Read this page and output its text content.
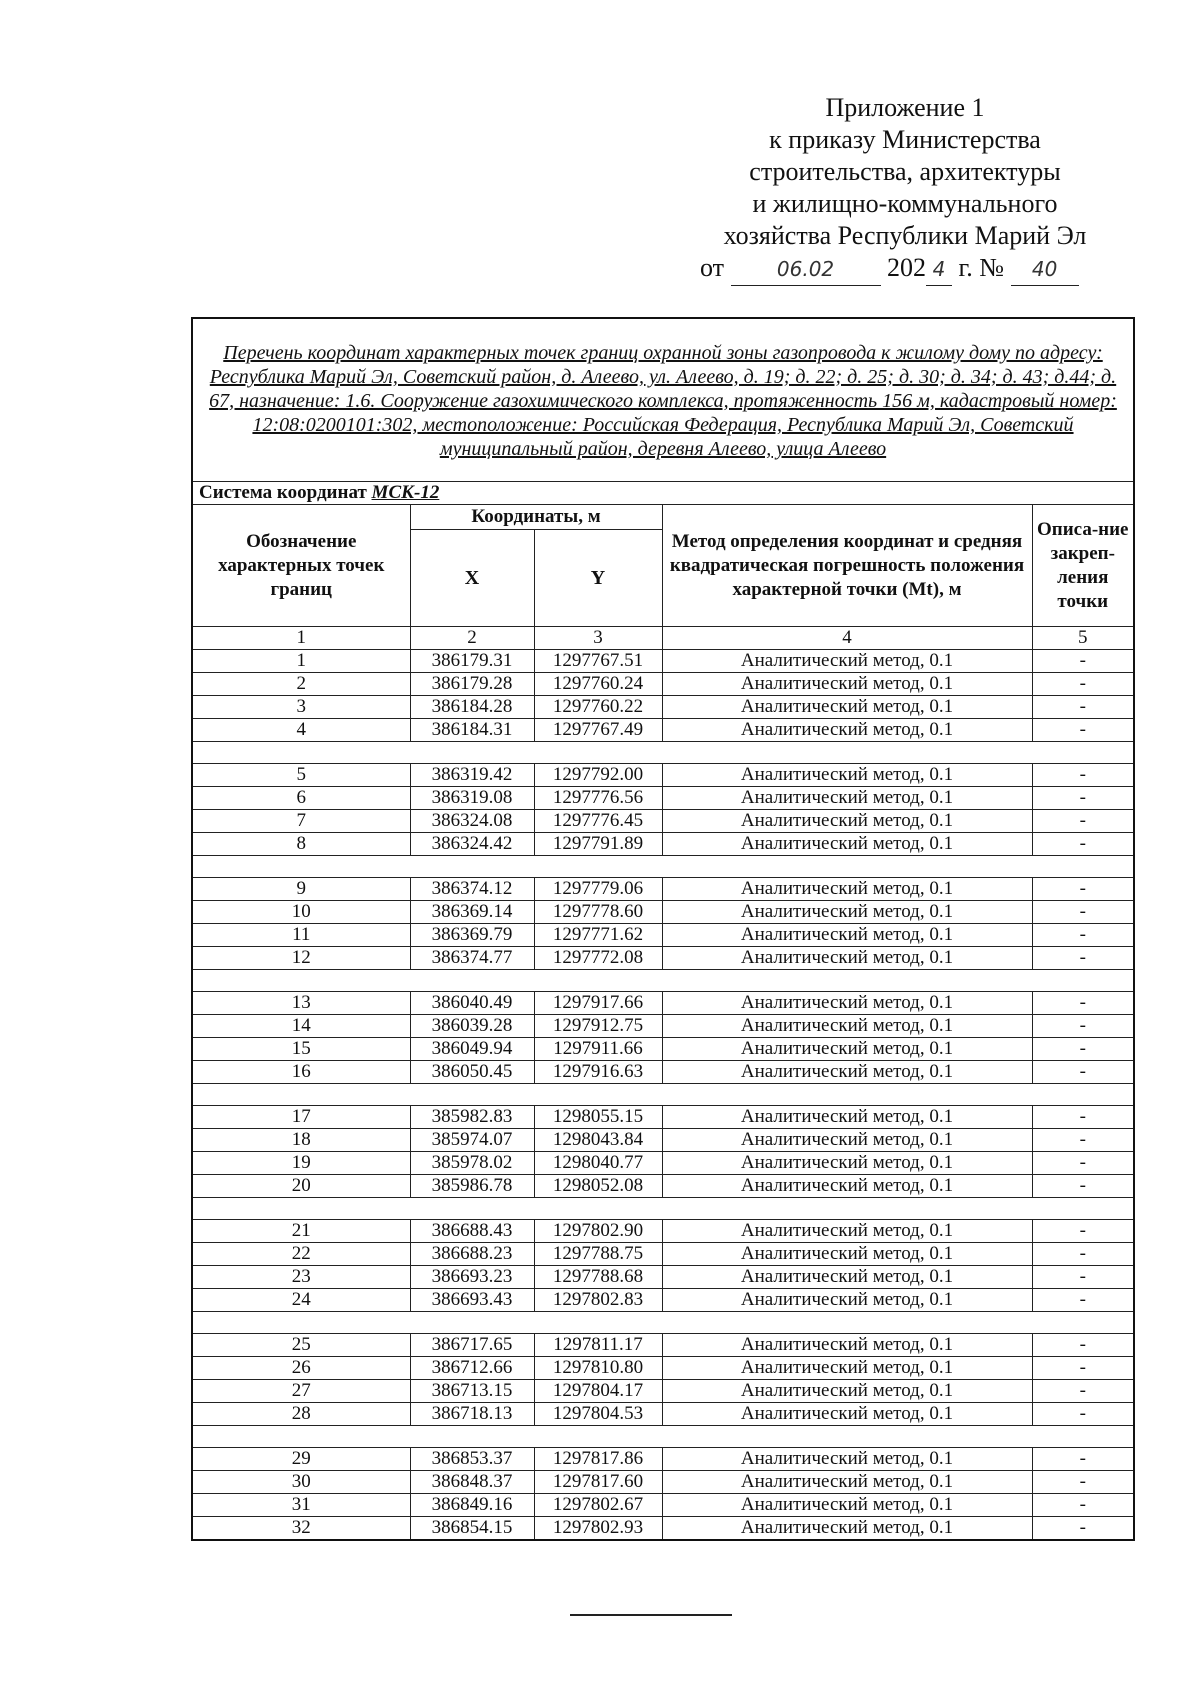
Приложение 1
к приказу Министерства
строительства, архитектуры
и жилищно-коммунального
хозяйства Республики Марий Эл
от	06.02 202 4 г. № 40
Перечень координат характерных точек границ охранной зоны газопровода к жилому дому по адресу: Республика Марий Эл, Советский район, д. Алеево, ул. Алеево, д. 19; д. 22; д. 25; д. 30; д. 34; д. 43; д.44; д. 67, назначение: 1.6. Сооружение газохимического комплекса, протяженность 156 м, кадастровый номер: 12:08:0200101:302, местоположение: Российская Федерация, Республика Марий Эл, Советский муниципальный район, деревня Алеево, улица Алеево				
Система координат МСК-12				
Обозначение характерных точек границ	Координаты, м		Метод определения координат и средняя квадратическая погрешность положения характерной точки (Mt), м	Описа-ние закреп-ления точки
	X	Y		
1	2	3	4	5
1	386179.31	1297767.51	Аналитический метод, 0.1	-
2	386179.28	1297760.24	Аналитический метод, 0.1	-
3	386184.28	1297760.22	Аналитический метод, 0.1	-
4	386184.31	1297767.49	Аналитический метод, 0.1	-

5	386319.42	1297792.00	Аналитический метод, 0.1	-
6	386319.08	1297776.56	Аналитический метод, 0.1	-
7	386324.08	1297776.45	Аналитический метод, 0.1	-
8	386324.42	1297791.89	Аналитический метод, 0.1	-

9	386374.12	1297779.06	Аналитический метод, 0.1	-
10	386369.14	1297778.60	Аналитический метод, 0.1	-
11	386369.79	1297771.62	Аналитический метод, 0.1	-
12	386374.77	1297772.08	Аналитический метод, 0.1	-

13	386040.49	1297917.66	Аналитический метод, 0.1	-
14	386039.28	1297912.75	Аналитический метод, 0.1	-
15	386049.94	1297911.66	Аналитический метод, 0.1	-
16	386050.45	1297916.63	Аналитический метод, 0.1	-

17	385982.83	1298055.15	Аналитический метод, 0.1	-
18	385974.07	1298043.84	Аналитический метод, 0.1	-
19	385978.02	1298040.77	Аналитический метод, 0.1	-
20	385986.78	1298052.08	Аналитический метод, 0.1	-

21	386688.43	1297802.90	Аналитический метод, 0.1	-
22	386688.23	1297788.75	Аналитический метод, 0.1	-
23	386693.23	1297788.68	Аналитический метод, 0.1	-
24	386693.43	1297802.83	Аналитический метод, 0.1	-

25	386717.65	1297811.17	Аналитический метод, 0.1	-
26	386712.66	1297810.80	Аналитический метод, 0.1	-
27	386713.15	1297804.17	Аналитический метод, 0.1	-
28	386718.13	1297804.53	Аналитический метод, 0.1	-

29	386853.37	1297817.86	Аналитический метод, 0.1	-
30	386848.37	1297817.60	Аналитический метод, 0.1	-
31	386849.16	1297802.67	Аналитический метод, 0.1	-
32	386854.15	1297802.93	Аналитический метод, 0.1	-
